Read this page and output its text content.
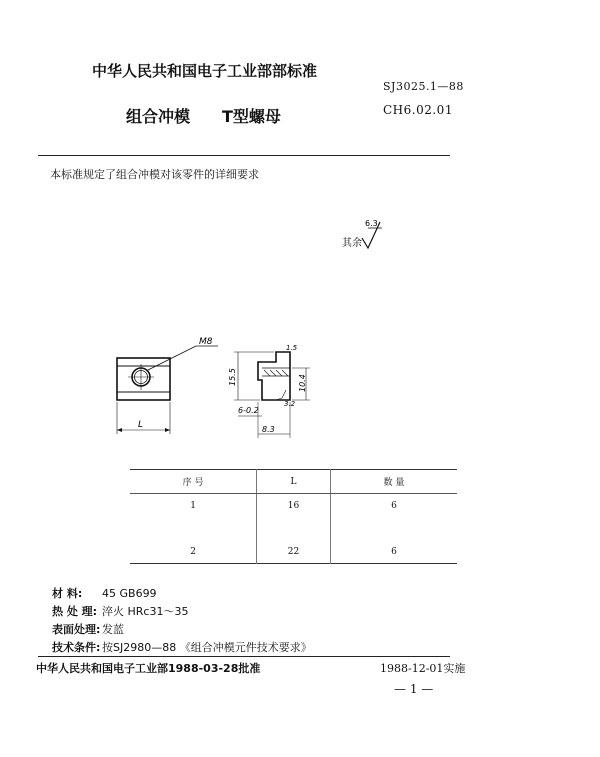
中华人民共和国电子工业部部标准
组合冲模 T型螺母
SJ3025.1—88
CH6.02.01
本标准规定了组合冲模对该零件的详细要求
其余
6.3
M8
L
15.5	10.4
1.5
3.2
6-0.2
8.3
序 号	L	数 量
1	16	6

2	22	6
材 料: 45 GB699
热 处 理: 淬火 HRc31～35
表面处理: 发蓝
技术条件: 按SJ2980—88 《组合冲模元件技术要求》
中华人民共和国电子工业部1988-03-28批准	1988-12-01实施
— 1 —
